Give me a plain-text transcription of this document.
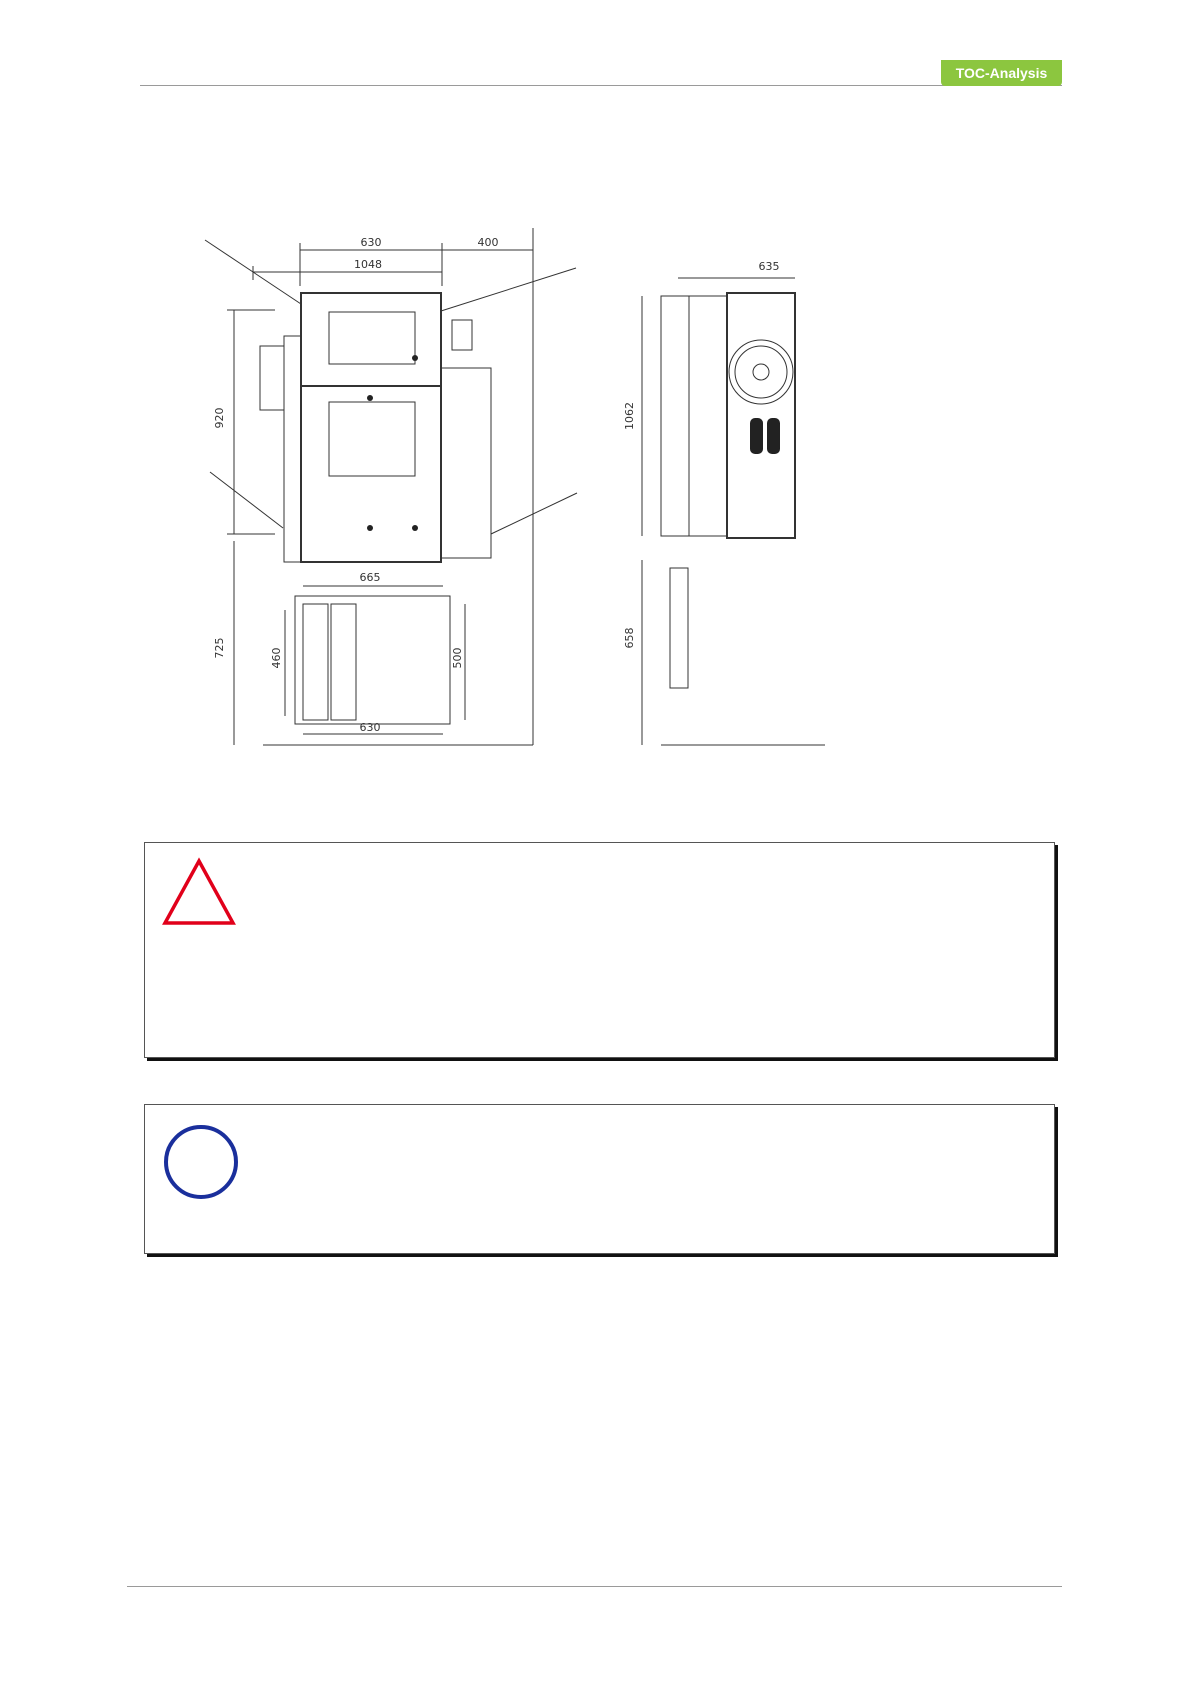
TOC-Analysis
630	400
1048
920
725
665
460	500
630
635
1062
658
